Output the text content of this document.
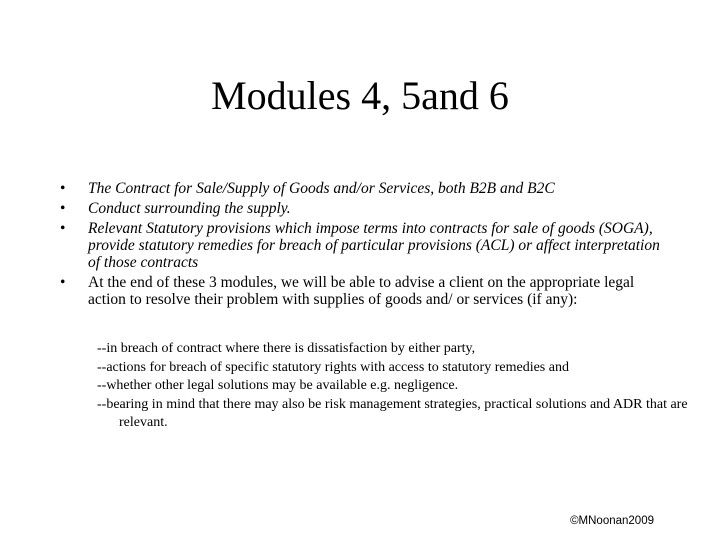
Modules 4, 5and 6
• The Contract for Sale/Supply of Goods and/or Services, both B2B and B2C
• Conduct surrounding the supply.
• Relevant Statutory provisions which impose terms into contracts for sale of goods (SOGA), provide statutory remedies for breach of particular provisions (ACL) or affect interpretation of those contracts
• At the end of these 3 modules, we will be able to advise a client on the appropriate legal action to resolve their problem with supplies of goods and/ or services (if any):
--in breach of contract where there is dissatisfaction by either party,
--actions for breach of specific statutory rights with access to statutory remedies and
--whether other legal solutions may be available e.g. negligence.
--bearing in mind that there may also be risk management strategies, practical solutions and ADR that are relevant.
©MNoonan2009
